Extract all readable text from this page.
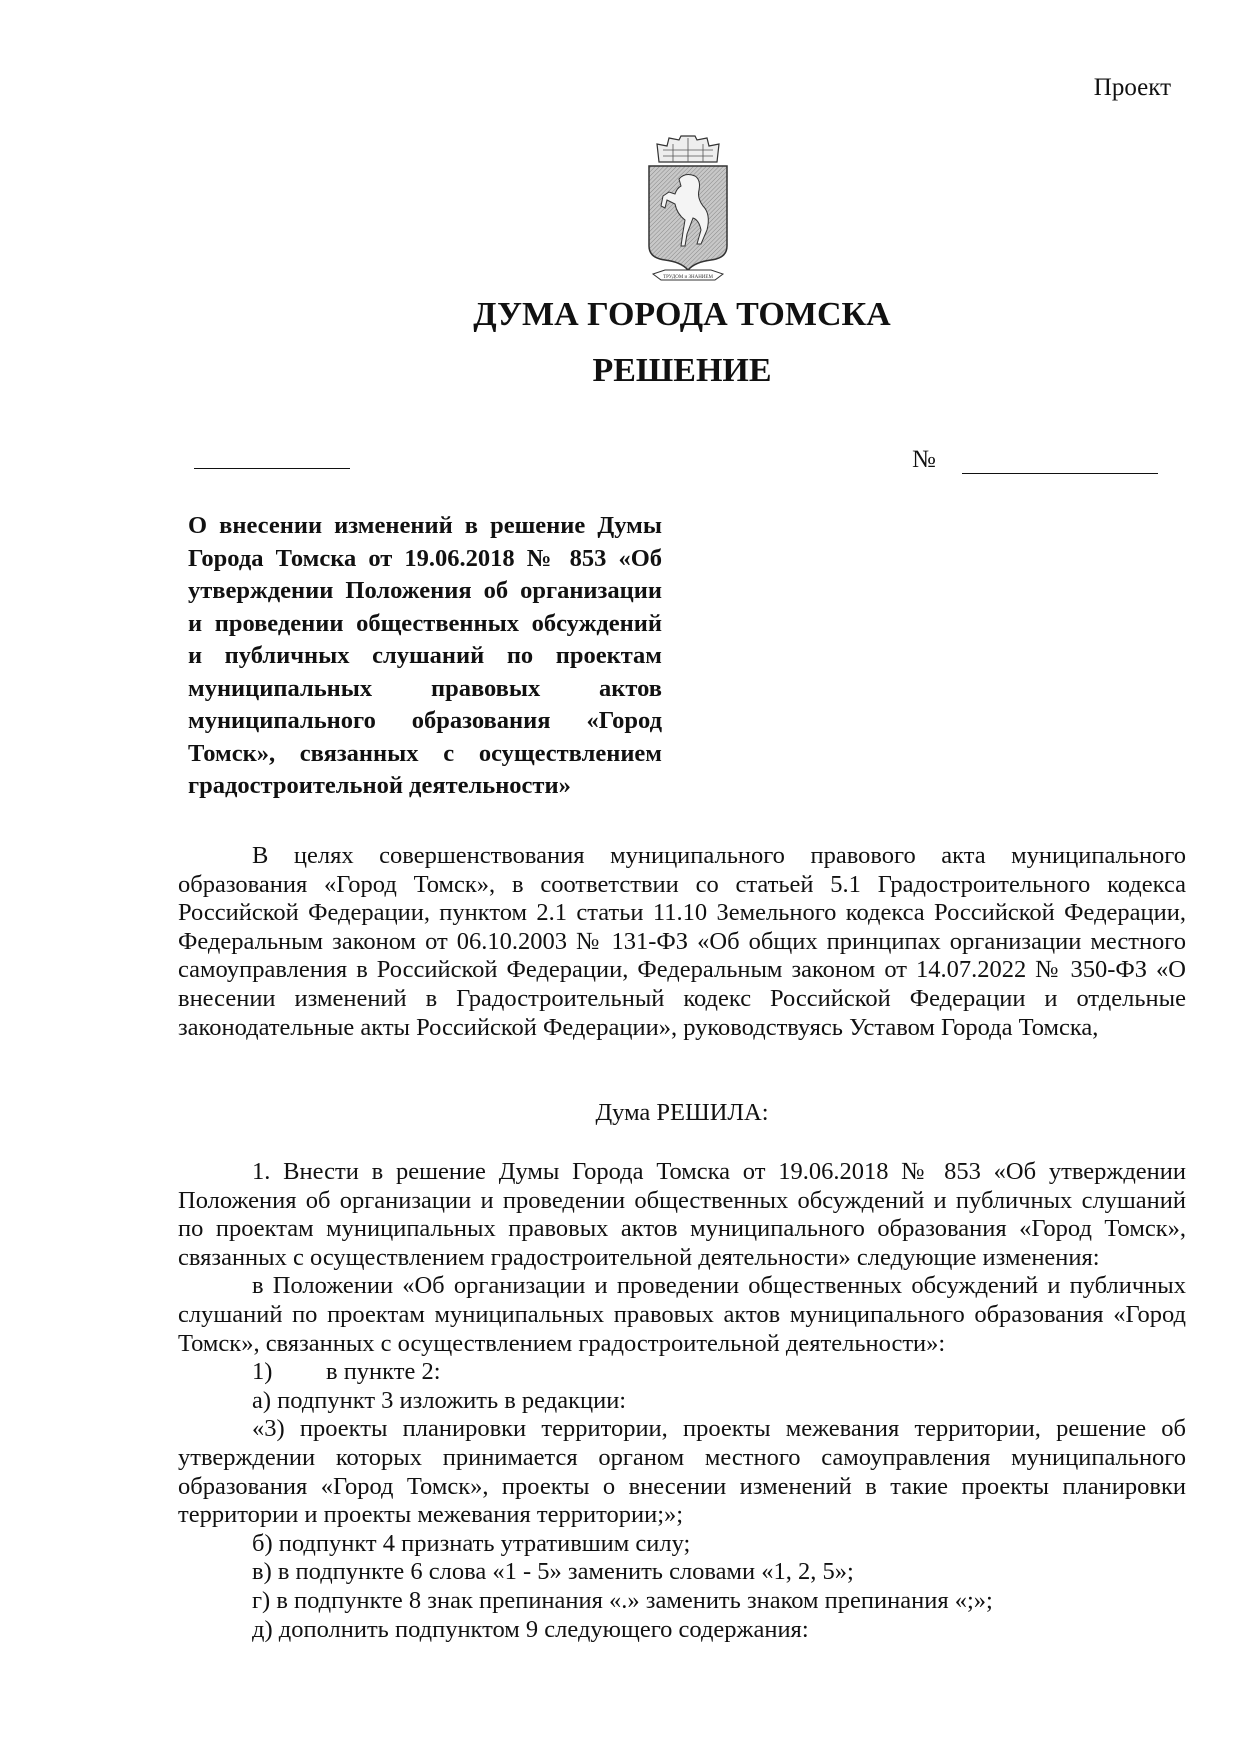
Проект
ТРУДОМ и ЗНАНИЕМ
ДУМА ГОРОДА ТОМСКА
РЕШЕНИЕ
№
О внесении изменений в решение Думы Города Томска от 19.06.2018 № 853 «Об утверждении Положения об организации и проведении общественных обсуждений и публичных слушаний по проектам муниципальных правовых актов муниципального образования «Город Томск», связанных с осуществлением градостроительной деятельности»

В целях совершенствования муниципального правового акта муниципального образования «Город Томск», в соответствии со статьей 5.1 Градостроительного кодекса Российской Федерации, пунктом 2.1 статьи 11.10 Земельного кодекса Российской Федерации, Федеральным законом от 06.10.2003 № 131-ФЗ «Об общих принципах организации местного самоуправления в Российской Федерации, Федеральным законом от 14.07.2022 № 350-ФЗ «О внесении изменений в Градостроительный кодекс Российской Федерации и отдельные законодательные акты Российской Федерации», руководствуясь Уставом Города Томска,

Дума РЕШИЛА:

1. Внести в решение Думы Города Томска от 19.06.2018 № 853 «Об утверждении Положения об организации и проведении общественных обсуждений и публичных слушаний по проектам муниципальных правовых актов муниципального образования «Город Томск», связанных с осуществлением градостроительной деятельности» следующие изменения:

в Положении «Об организации и проведении общественных обсуждений и публичных слушаний по проектам муниципальных правовых актов муниципального образования «Город Томск», связанных с осуществлением градостроительной деятельности»:

1) в пункте 2:

а) подпункт 3 изложить в редакции:

«3) проекты планировки территории, проекты межевания территории, решение об утверждении которых принимается органом местного самоуправления муниципального образования «Город Томск», проекты о внесении изменений в такие проекты планировки территории и проекты межевания территории;»;

б) подпункт 4 признать утратившим силу;

в) в подпункте 6 слова «1 - 5» заменить словами «1, 2, 5»;

г) в подпункте 8 знак препинания «.» заменить знаком препинания «;»;

д) дополнить подпунктом 9 следующего содержания:
